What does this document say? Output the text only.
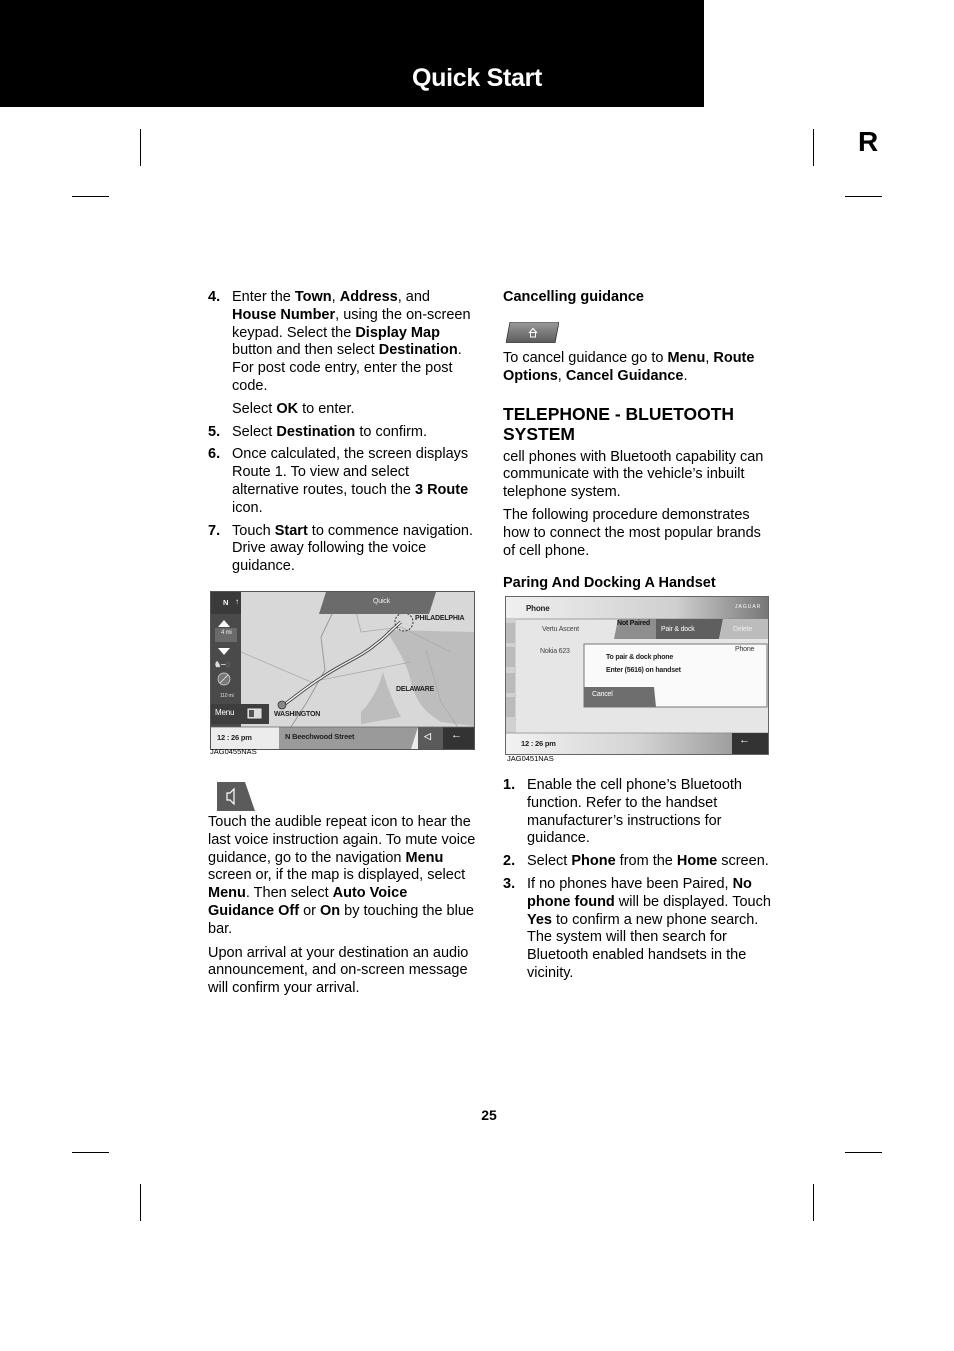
R
Quick Start
4. Enter the Town, Address, and House Number, using the on-screen keypad. Select the Display Map button and then select Destination. For post code entry, enter the post code.

Select OK to enter.

5. Select Destination to confirm.

6. Once calculated, the screen displays Route 1. To view and select alternative routes, touch the 3 Route icon.

7. Touch Start to commence navigation. Drive away following the voice guidance.

N ↑	Quick
4 mi
110 mi
♞‒◌
Menu
PHILADELPHIA
DELAWARE
WASHINGTON
12 : 26 pm	N Beechwood Street	◁ ←
JAG0455NAS

Touch the audible repeat icon to hear the last voice instruction again. To mute voice guidance, go to the navigation Menu screen or, if the map is displayed, select Menu. Then select Auto Voice Guidance Off or On by touching the blue bar.

Upon arrival at your destination an audio announcement, and on-screen message will confirm your arrival.

Cancelling guidance

To cancel guidance go to Menu, Route Options, Cancel Guidance.

TELEPHONE - BLUETOOTH SYSTEM

cell phones with Bluetooth capability can communicate with the vehicle’s inbuilt telephone system.

The following procedure demonstrates how to connect the most popular brands of cell phone.

Paring And Docking A Handset
Phone	JAGUAR
Vertu Ascent
Not Paired
Pair & dock	Delete
Nokia 623	Phone
To pair & dock phone
Enter (5616) on handset
Cancel
12 : 26 pm	←
JAG0451NAS
1. Enable the cell phone’s Bluetooth function. Refer to the handset manufacturer’s instructions for guidance.

2. Select Phone from the Home screen.

3. If no phones have been Paired, No phone found will be displayed. Touch Yes to confirm a new phone search. The system will then search for Bluetooth enabled handsets in the vicinity.

25
